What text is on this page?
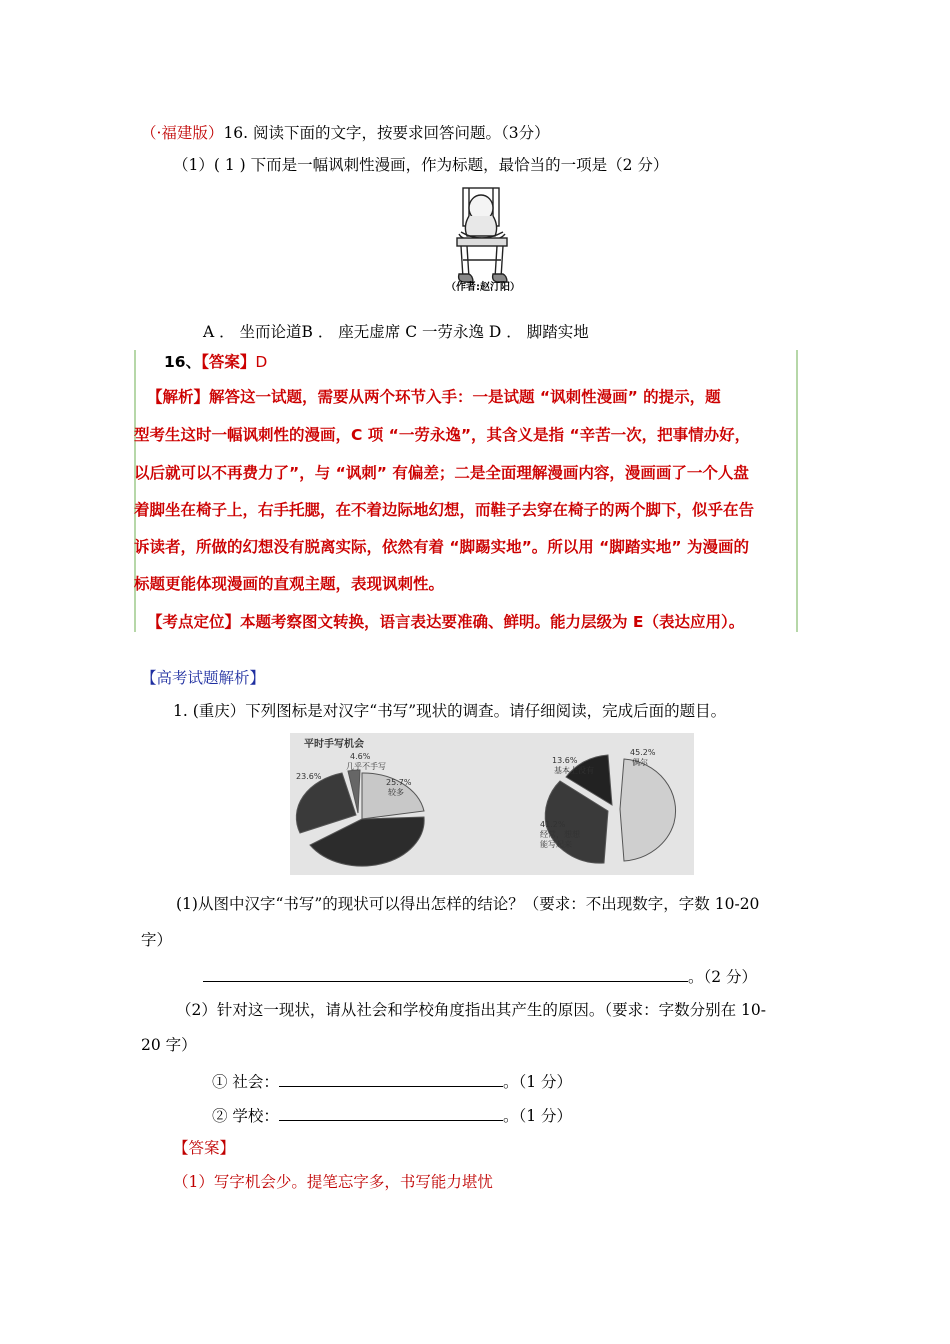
（·福建版）16. 阅读下面的文字，按要求回答问题。（3分）
（1）( 1 ) 下而是一幅讽刺性漫画，作为标题，最恰当的一项是（2 分）
（作者:赵汀阳）
A ． 坐而论道B ． 座无虚席 C 一劳永逸 D ． 脚踏实地
16、【答案】D
【解析】解答这一试题，需要从两个环节入手：一是试题 “讽刺性漫画” 的提示，题
型考生这时一幅讽刺性的漫画，C 项 “一劳永逸”，其含义是指 “辛苦一次，把事情办好，
以后就可以不再费力了”，与 “讽刺” 有偏差；二是全面理解漫画内容，漫画画了一个人盘
着脚坐在椅子上，右手托腮，在不着边际地幻想，而鞋子去穿在椅子的两个脚下，似乎在告
诉读者，所做的幻想没有脱离实际，依然有着 “脚踢实地”。所以用 “脚踏实地” 为漫画的
标题更能体现漫画的直观主题，表现讽刺性。
【考点定位】本题考察图文转换，语言表达要准确、鲜明。能力层级为 E（表达应用）。
【高考试题解析】
1. (重庆）下列图标是对汉字“书写”现状的调查。请仔细阅读，完成后面的题目。
平时手写机会
4.6%
几乎不手写
23.6%
25.7%
较多
13.6%
基本上没有
45.2%
偶尔
41.2%
经常，想想
能写起来
(1)从图中汉字“书写”的现状可以得出怎样的结论？（要求：不出现数字，字数 10-20
字）
。（2 分）
（2）针对这一现状，请从社会和学校角度指出其产生的原因。（要求：字数分别在 10-
20 字）
① 社会：	。（1 分）
② 学校：	。（1 分）
【答案】
（1）写字机会少。提笔忘字多，书写能力堪忧
